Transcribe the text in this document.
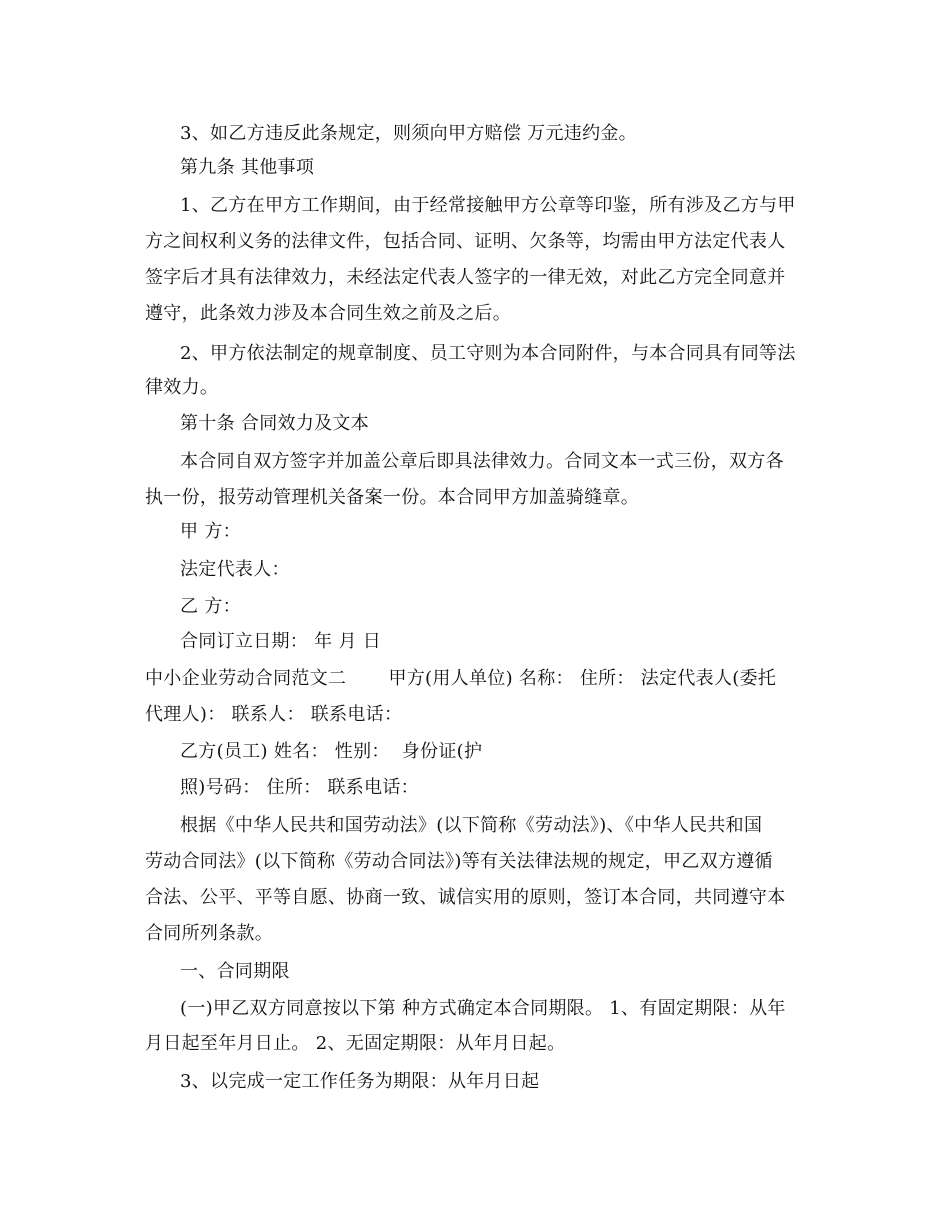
3、如乙方违反此条规定，则须向甲方赔偿 万元违约金。
第九条 其他事项
1、乙方在甲方工作期间，由于经常接触甲方公章等印鉴，所有涉及乙方与甲
方之间权利义务的法律文件，包括合同、证明、欠条等，均需由甲方法定代表人
签字后才具有法律效力，未经法定代表人签字的一律无效，对此乙方完全同意并
遵守，此条效力涉及本合同生效之前及之后。
2、甲方依法制定的规章制度、员工守则为本合同附件，与本合同具有同等法
律效力。
第十条 合同效力及文本
本合同自双方签字并加盖公章后即具法律效力。合同文本一式三份，双方各
执一份，报劳动管理机关备案一份。本合同甲方加盖骑缝章。
甲 方：
法定代表人：
乙 方：
合同订立日期： 年 月 日
中小企业劳动合同范文二       甲方(用人单位) 名称： 住所： 法定代表人(委托
代理人)： 联系人： 联系电话：
乙方(员工) 姓名： 性别：  身份证(护
照)号码： 住所： 联系电话：
根据《中华人民共和国劳动法》(以下简称《劳动法》)、《中华人民共和国
劳动合同法》(以下简称《劳动合同法》)等有关法律法规的规定，甲乙双方遵循
合法、公平、平等自愿、协商一致、诚信实用的原则，签订本合同，共同遵守本
合同所列条款。
一、合同期限
(一)甲乙双方同意按以下第 种方式确定本合同期限。 1、有固定期限：从年
月日起至年月日止。 2、无固定期限：从年月日起。
3、以完成一定工作任务为期限：从年月日起
